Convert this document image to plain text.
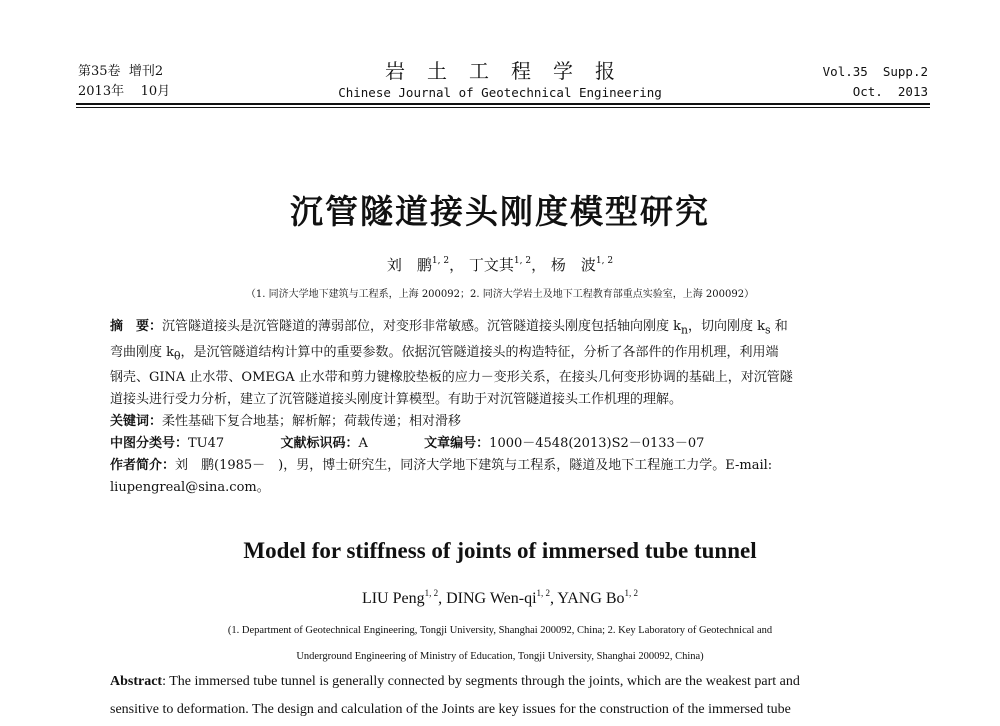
第35卷 增刊2
2013年 10月
岩土工程学报
Chinese Journal of Geotechnical Engineering
Vol.35  Supp.2
Oct.  2013
沉管隧道接头刚度模型研究
刘　鹏$^{1, 2}$， 丁文其$^{1, 2}$， 杨　波$^{1, 2}$
（1. 同济大学地下建筑与工程系，上海 200092；2. 同济大学岩土及地下工程教育部重点实验室，上海 200092）
摘　要：沉管隧道接头是沉管隧道的薄弱部位，对变形非常敏感。沉管隧道接头刚度包括轴向刚度 $k_n$，切向刚度 $k_s$ 和
弯曲刚度 $k_\theta$，是沉管隧道结构计算中的重要参数。依据沉管隧道接头的构造特征，分析了各部件的作用机理，利用端
钢壳、GINA 止水带、OMEGA 止水带和剪力键橡胶垫板的应力－变形关系，在接头几何变形协调的基础上，对沉管隧
道接头进行受力分析，建立了沉管隧道接头刚度计算模型。有助于对沉管隧道接头工作机理的理解。
关键词：柔性基础下复合地基；解析解；荷载传递；相对滑移
中图分类号：TU47	文献标识码：A	文章编号：1000－4548(2013)S2－0133－07
作者简介：刘　鹏(1985－　)，男，博士研究生，同济大学地下建筑与工程系，隧道及地下工程施工力学。E-mail:
liupengreal@sina.com。
Model for stiffness of joints of immersed tube tunnel
LIU Peng$^{1, 2}$, DING Wen-qi$^{1, 2}$, YANG Bo$^{1, 2}$
(1. Department of Geotechnical Engineering, Tongji University, Shanghai 200092, China; 2. Key Laboratory of Geotechnical and
Underground Engineering of Ministry of Education, Tongji University, Shanghai 200092, China)
Abstract: The immersed tube tunnel is generally connected by segments through the joints, which are the weakest part and
sensitive to deformation. The design and calculation of the Joints are key issues for the construction of the immersed tube
